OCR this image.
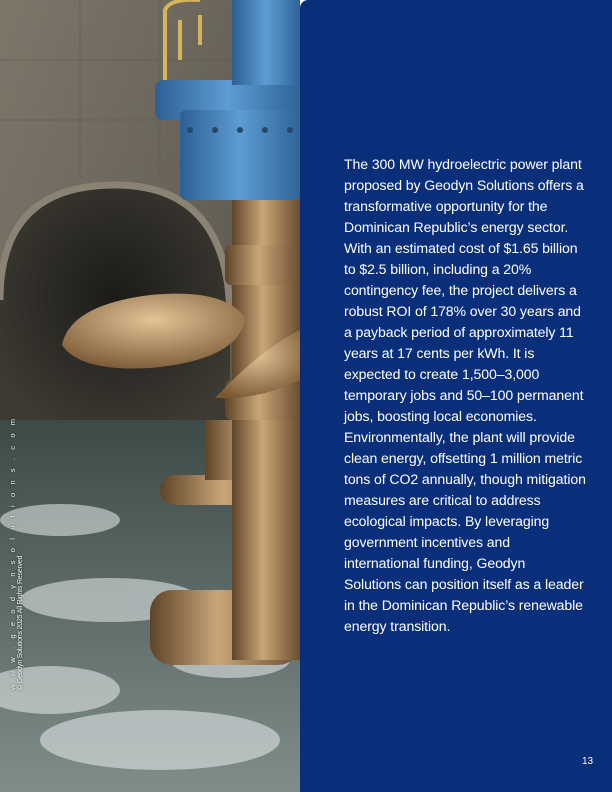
w w w . g e o d y n s o l u t i o n s . c o m © Geodyn Solutions 2025 All Rights Reserved

The 300 MW hydroelectric power plant proposed by Geodyn Solutions offers a transformative opportunity for the Dominican Republic’s energy sector. With an estimated cost of $1.65 billion to $2.5 billion, including a 20% contingency fee, the project delivers a robust ROI of 178% over 30 years and a payback period of approximately 11 years at 17 cents per kWh. It is expected to create 1,500–3,000 temporary jobs and 50–100 permanent jobs, boosting local economies. Environmentally, the plant will provide clean energy, offsetting 1 million metric tons of CO2 annually, though mitigation measures are critical to address ecological impacts. By leveraging government incentives and international funding, Geodyn Solutions can position itself as a leader in the Dominican Republic’s renewable energy transition.

13
